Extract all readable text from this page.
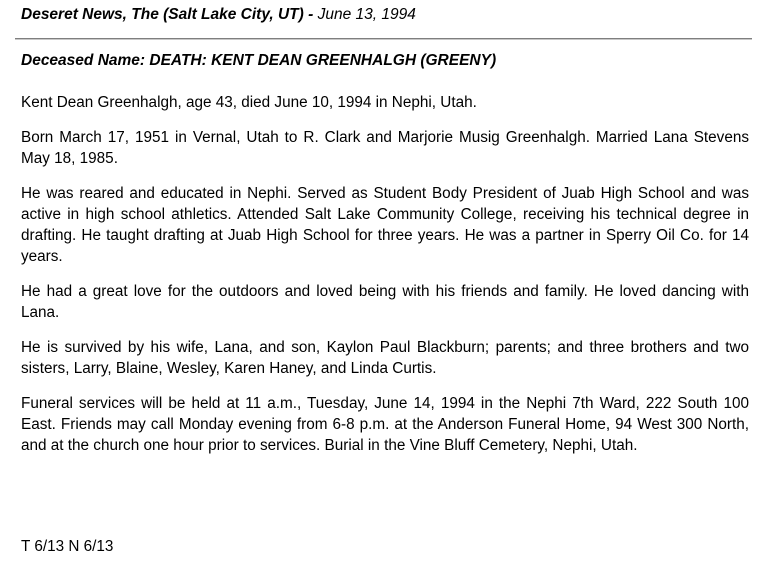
Deseret News, The (Salt Lake City, UT) - June 13, 1994
Deceased Name: DEATH: KENT DEAN GREENHALGH (GREENY)

Kent Dean Greenhalgh, age 43, died June 10, 1994 in Nephi, Utah.

Born March 17, 1951 in Vernal, Utah to R. Clark and Marjorie Musig Greenhalgh. Married Lana Stevens May 18, 1985.

He was reared and educated in Nephi. Served as Student Body President of Juab High School and was active in high school athletics. Attended Salt Lake Community College, receiving his technical degree in drafting. He taught drafting at Juab High School for three years. He was a partner in Sperry Oil Co. for 14 years.

He had a great love for the outdoors and loved being with his friends and family. He loved dancing with Lana.

He is survived by his wife, Lana, and son, Kaylon Paul Blackburn; parents; and three brothers and two sisters, Larry, Blaine, Wesley, Karen Haney, and Linda Curtis.

Funeral services will be held at 11 a.m., Tuesday, June 14, 1994 in the Nephi 7th Ward, 222 South 100 East. Friends may call Monday evening from 6-8 p.m. at the Anderson Funeral Home, 94 West 300 North, and at the church one hour prior to services. Burial in the Vine Bluff Cemetery, Nephi, Utah.

T 6/13 N 6/13
